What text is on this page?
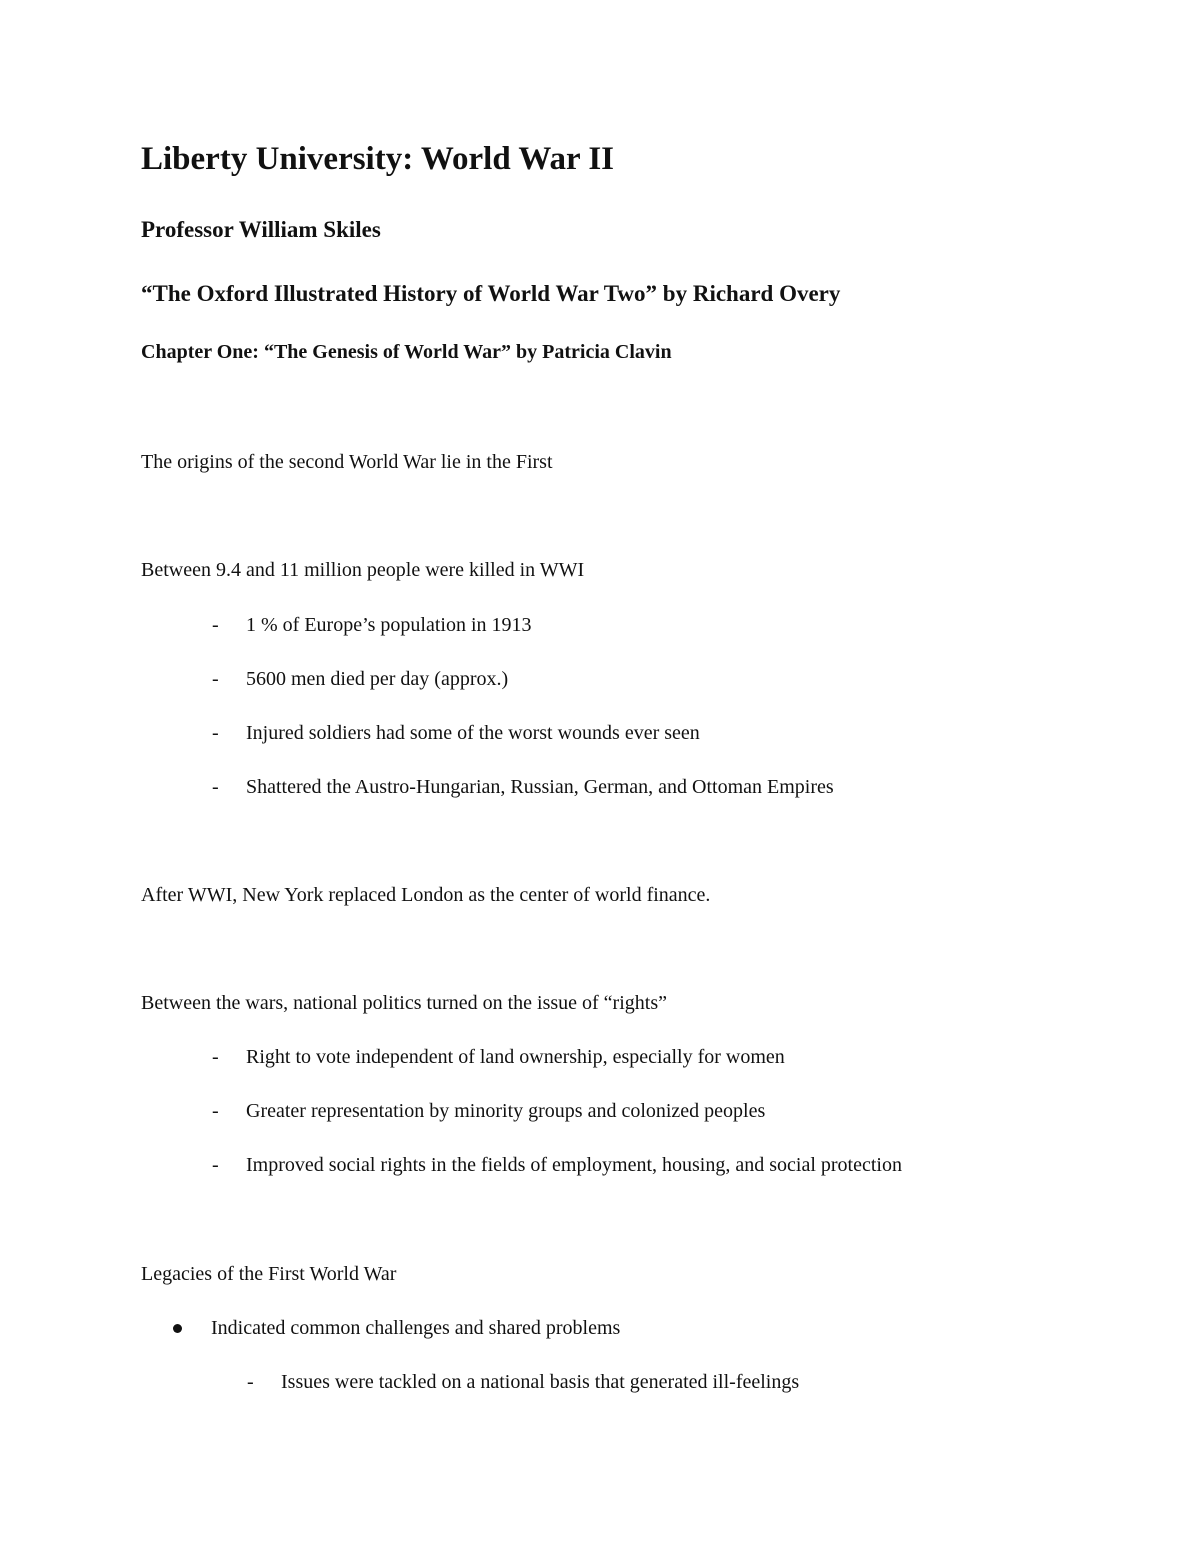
Liberty University: World War II
Professor William Skiles
“The Oxford Illustrated History of World War Two” by Richard Overy
Chapter One: “The Genesis of World War” by Patricia Clavin
The origins of the second World War lie in the First
Between 9.4 and 11 million people were killed in WWI
- 1 % of Europe’s population in 1913
- 5600 men died per day (approx.)
- Injured soldiers had some of the worst wounds ever seen
- Shattered the Austro-Hungarian, Russian, German, and Ottoman Empires
After WWI, New York replaced London as the center of world finance.
Between the wars, national politics turned on the issue of “rights”
- Right to vote independent of land ownership, especially for women
- Greater representation by minority groups and colonized peoples
- Improved social rights in the fields of employment, housing, and social protection
Legacies of the First World War
Indicated common challenges and shared problems
- Issues were tackled on a national basis that generated ill-feelings
